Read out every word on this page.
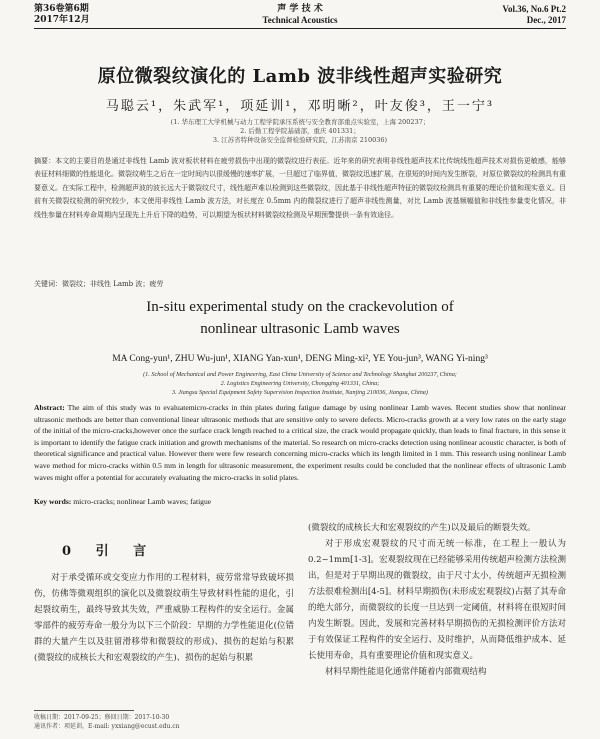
第36卷第6期
2017年12月
声 学 技 术
Technical Acoustics
Vol.36, No.6 Pt.2
Dec., 2017
原位微裂纹演化的 Lamb 波非线性超声实验研究
马聪云¹，朱武军¹，项延训¹，邓明晰²，叶友俊³，王一宁³
(1. 华东理工大学机械与动力工程学院承压系统与安全教育部重点实验室，上海 200237；
2. 后勤工程学院基础部，重庆 401331；
3. 江苏省特种设备安全监督检验研究院，江苏南京 210036)
摘要：本文的主要目的是通过非线性 Lamb 波对板状材料在疲劳损伤中出现的微裂纹进行表征。近年来的研究表明非线性超声技术比传统线性超声技术对损伤更敏感，能够表征材料细微的性能退化。微裂纹萌生之后在一定时间内以很缓慢的速率扩展，一旦超过了临界值，微裂纹迅速扩展，在很短的时间内发生断裂，对原位微裂纹的检测具有重要意义。在实际工程中，检测超声波的波长远大于微裂纹尺寸，线性超声难以检测到这些微裂纹，因此基于非线性超声特征的微裂纹检测具有重要的理论价值和现实意义。目前有关微裂纹检测的研究较少，本文使用非线性 Lamb 波方法，对长度在 0.5mm 内的微裂纹进行了超声非线性测量，对比 Lamb 波基频幅值和非线性参量变化情况，非线性参量在材料寿命周期内呈现先上升后下降的趋势，可以期望为板状材料微裂纹检测及早期预警提供一条有效途径。
关键词：微裂纹；非线性 Lamb 波；疲劳
In-situ experimental study on the crackevolution of
nonlinear ultrasonic Lamb waves
MA Cong-yun¹, ZHU Wu-jun¹, XIANG Yan-xun¹, DENG Ming-xi², YE You-jun³, WANG Yi-ning³
(1. School of Mechanical and Power Engineering, East China University of Science and Technology Shanghai 200237, China;
2. Logistics Engineering University, Chongqing 401331, China;
3. Jiangsu Special Equipment Safety Supervision Inspection Institute, Nanjing 210036, Jiangsu, China)
Abstract: The aim of this study was to evaluatemicro-cracks in thin plates during fatigue damage by using nonlinear Lamb waves. Recent studies show that nonlinear ultrasonic methods are better than conventional linear ultrasonic methods that are sensitive only to severe defects. Micro-cracks growth at a very low rates on the early stage of the initial of the micro-cracks,however once the surface crack length reached to a critical size, the crack would propagate quickly, than leads to final fracture, in this sense it is important to identify the fatigue crack initiation and growth mechanisms of the material. So research on micro-cracks detection using nonlinear acoustic character, is both of theoretical significance and practical value. However there were few research concerning micro-cracks which its length limited in 1 mm. This research using nonlinear Lamb wave method for micro-cracks within 0.5 mm in length for ultrasonic measurement, the experiment results could be concluded that the nonlinear effects of ultrasonic Lamb waves might offer a potential for accurately evaluating the micro-cracks in solid plates.
Key words: micro-cracks; nonlinear Lamb waves; fatigue
0 引 言
对于承受循环或交变应力作用的工程材料，疲劳常常导致破坏损伤，仿佛等微观组织的演化以及微裂纹萌生导致材料性能的退化，引起裂纹萌生，最终导致其失效，严重威胁工程构件的安全运行。金属零部件的疲劳寿命一般分为以下三个阶段：早期的力学性能退化(位错群的大量产生以及驻留滑移带和微裂纹的形成)、损伤的起始与积累(微裂纹的成核长大和宏观裂纹的产生)、损伤的起始与积累
(微裂纹的成核长大和宏观裂纹的产生)以及最后的断裂失效。
对于形成宏观裂纹的尺寸而无统一标准，在工程上一般认为 0.2~1mm[1-3]。宏观裂纹现在已经能够采用传统超声检测方法检测出，但是对于早期出现的微裂纹，由于尺寸太小，传统超声无损检测方法很难检测出[4-5]。材料早期损伤(未形成宏观裂纹)占据了其寿命的绝大部分，而微裂纹的长度一旦达到一定阈值，材料将在很短时间内发生断裂。因此，发展和完善材料早期损伤的无损检测评价方法对于有效保证工程构件的安全运行、及时维护，从而降低维护成本、延长使用寿命，具有重要理论价值和现实意义。
材料早期性能退化通常伴随着内部微观结构
收稿日期：2017-09-25；修回日期：2017-10-30
通讯作者：项延训，E-mail: yxxiang@ecust.edu.cn
